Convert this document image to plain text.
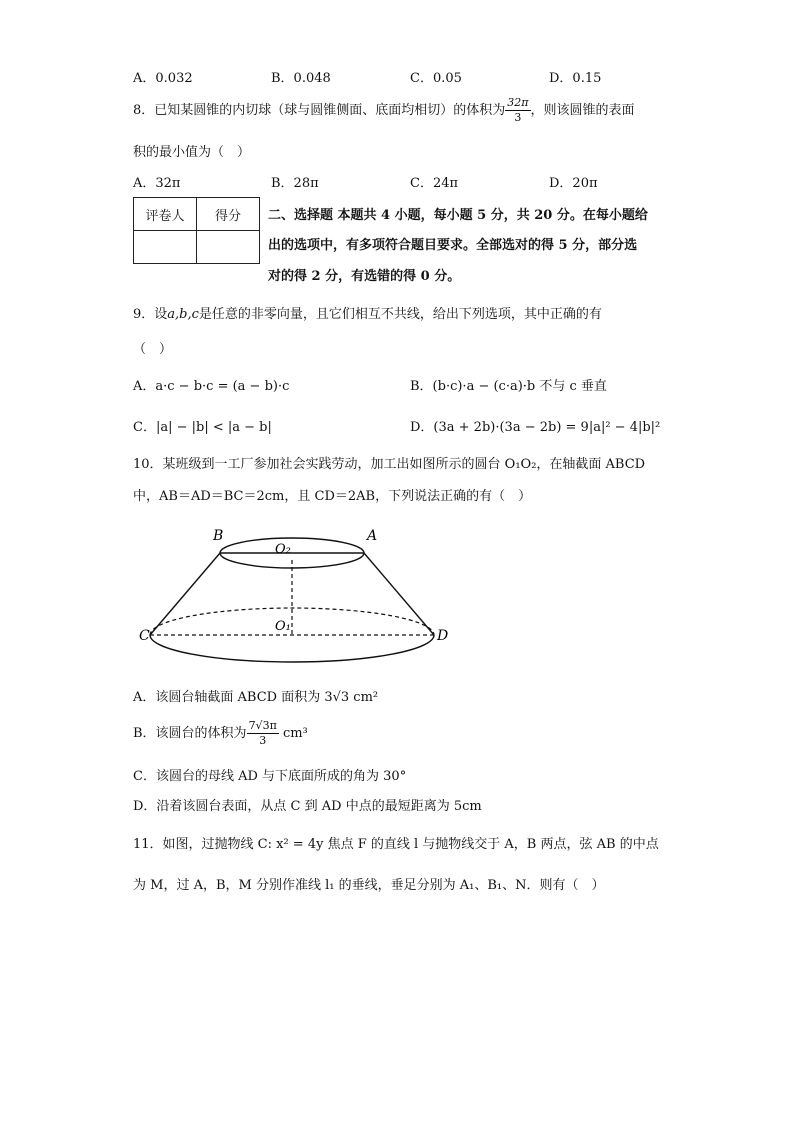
A．0.032	B．0.048	C．0.05	D．0.15
8．已知某圆锥的内切球（球与圆锥侧面、底面均相切）的体积为 $\frac{32\pi}{3}$ ，则该圆锥的表面
积的最小值为（　）
A．32π	B．28π	C．24π	D．20π
评卷人	得分
	二、选择题 本题共 4 小题，每小题 5 分，共 20 分。在每小题给
出的选项中，有多项符合题目要求。全部选对的得 5 分，部分选
对的得 2 分，有选错的得 0 分。
9．设a,b,c是任意的非零向量，且它们相互不共线，给出下列选项，其中正确的有
（　）
A．a·c − b·c = (a − b)·c	B．(b·c)·a − (c·a)·b 不与 c 垂直
C．|a| − |b| < |a − b|	D．(3a + 2b)·(3a − 2b) = 9|a|² − 4|b|²
10．某班级到一工厂参加社会实践劳动，加工出如图所示的圆台 O₁O₂，在轴截面 ABCD
中，AB＝AD＝BC＝2cm，且 CD＝2AB，下列说法正确的有（　）
B	A
O₂
O₁
C	D
A．该圆台轴截面 ABCD 面积为 3√3 cm²
B．该圆台的体积为 $\frac{7√3\pi}{3} cm^3$
C．该圆台的母线 AD 与下底面所成的角为 30°
D．沿着该圆台表面，从点 C 到 AD 中点的最短距离为 5cm
11．如图，过抛物线 C: x² = 4y 焦点 F 的直线 l 与抛物线交于 A，B 两点，弦 AB 的中点
为 M，过 A，B，M 分别作准线 l₁ 的垂线，垂足分别为 A₁、B₁、N．则有（　）
